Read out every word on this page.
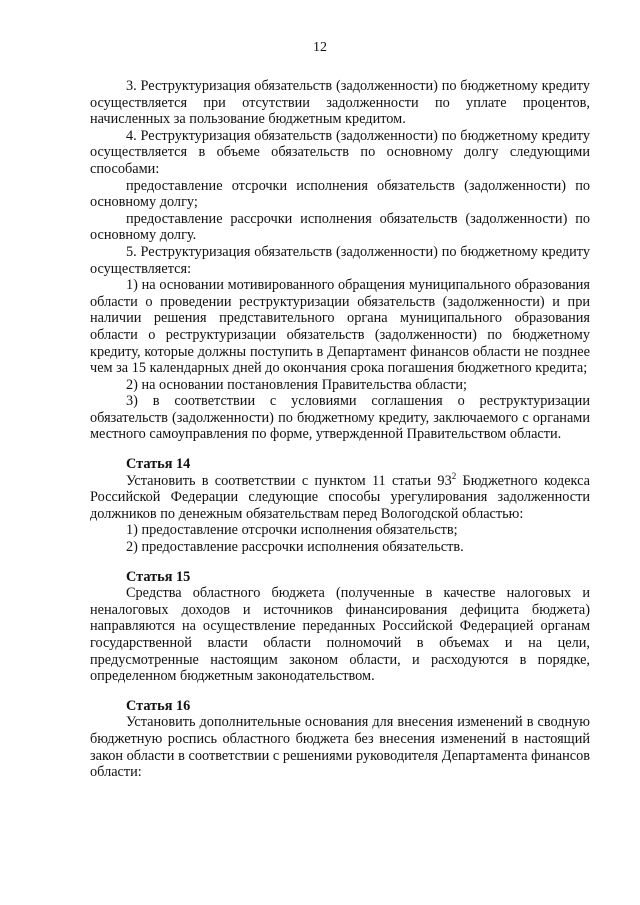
12

3. Реструктуризация обязательств (задолженности) по бюджетному кредиту осуществляется при отсутствии задолженности по уплате процентов, начисленных за пользование бюджетным кредитом.

4. Реструктуризация обязательств (задолженности) по бюджетному кредиту осуществляется в объеме обязательств по основному долгу следующими способами:

предоставление отсрочки исполнения обязательств (задолженности) по основному долгу;

предоставление рассрочки исполнения обязательств (задолженности) по основному долгу.

5. Реструктуризация обязательств (задолженности) по бюджетному кредиту осуществляется:

1) на основании мотивированного обращения муниципального образования области о проведении реструктуризации обязательств (задолженности) и при наличии решения представительного органа муниципального образования области о реструктуризации обязательств (задолженности) по бюджетному кредиту, которые должны поступить в Департамент финансов области не позднее чем за 15 календарных дней до окончания срока погашения бюджетного кредита;

2) на основании постановления Правительства области;

3) в соответствии с условиями соглашения о реструктуризации обязательств (задолженности) по бюджетному кредиту, заключаемого с органами местного самоуправления по форме, утвержденной Правительством области.

Статья 14

Установить в соответствии с пунктом 11 статьи $93^2$ Бюджетного кодекса Российской Федерации следующие способы урегулирования задолженности должников по денежным обязательствам перед Вологодской областью:

1) предоставление отсрочки исполнения обязательств;

2) предоставление рассрочки исполнения обязательств.

Статья 15

Средства областного бюджета (полученные в качестве налоговых и неналоговых доходов и источников финансирования дефицита бюджета) направляются на осуществление переданных Российской Федерацией органам государственной власти области полномочий в объемах и на цели, предусмотренные настоящим законом области, и расходуются в порядке, определенном бюджетным законодательством.

Статья 16

Установить дополнительные основания для внесения изменений в сводную бюджетную роспись областного бюджета без внесения изменений в настоящий закон области в соответствии с решениями руководителя Департамента финансов области:
